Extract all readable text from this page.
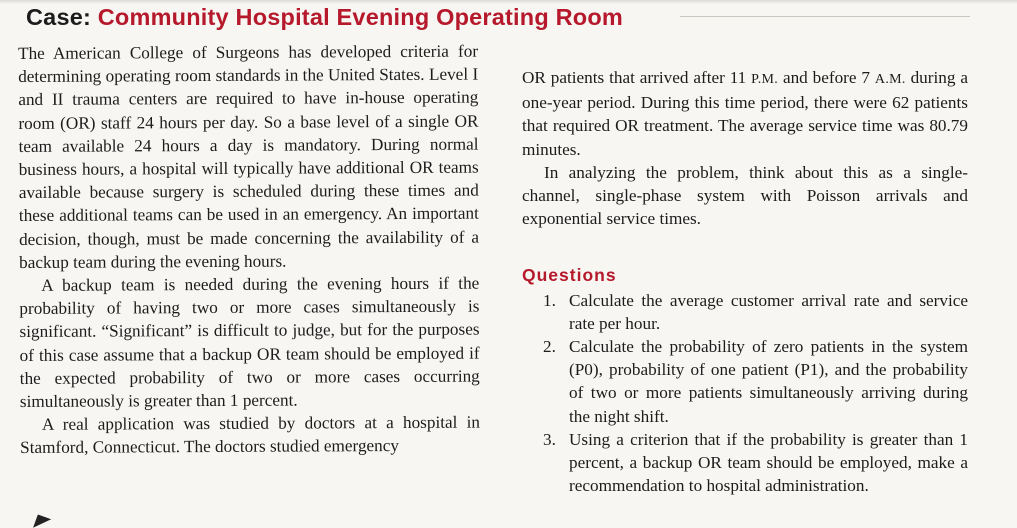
Case: Community Hospital Evening Operating Room

The American College of Surgeons has developed criteria for determining operating room standards in the United States. Level I and II trauma centers are required to have in-house operating room (OR) staff 24 hours per day. So a base level of a single OR team available 24 hours a day is mandatory. During normal business hours, a hospital will typically have additional OR teams available because surgery is scheduled during these times and these additional teams can be used in an emergency. An important decision, though, must be made concerning the availability of a backup team during the evening hours.

A backup team is needed during the evening hours if the probability of having two or more cases simultaneously is significant. “Significant” is difficult to judge, but for the purposes of this case assume that a backup OR team should be employed if the expected probability of two or more cases occurring simultaneously is greater than 1 percent.

A real application was studied by doctors at a hospital in Stamford, Connecticut. The doctors studied emergency

OR patients that arrived after 11 P.M. and before 7 A.M. during a one-year period. During this time period, there were 62 patients that required OR treatment. The average service time was 80.79 minutes.

In analyzing the problem, think about this as a single-channel, single-phase system with Poisson arrivals and exponential service times.

Questions
1. Calculate the average customer arrival rate and service rate per hour.
2. Calculate the probability of zero patients in the system (P0), probability of one patient (P1), and the probability of two or more patients simultaneously arriving during the night shift.
3. Using a criterion that if the probability is greater than 1 percent, a backup OR team should be employed, make a recommendation to hospital administration.
